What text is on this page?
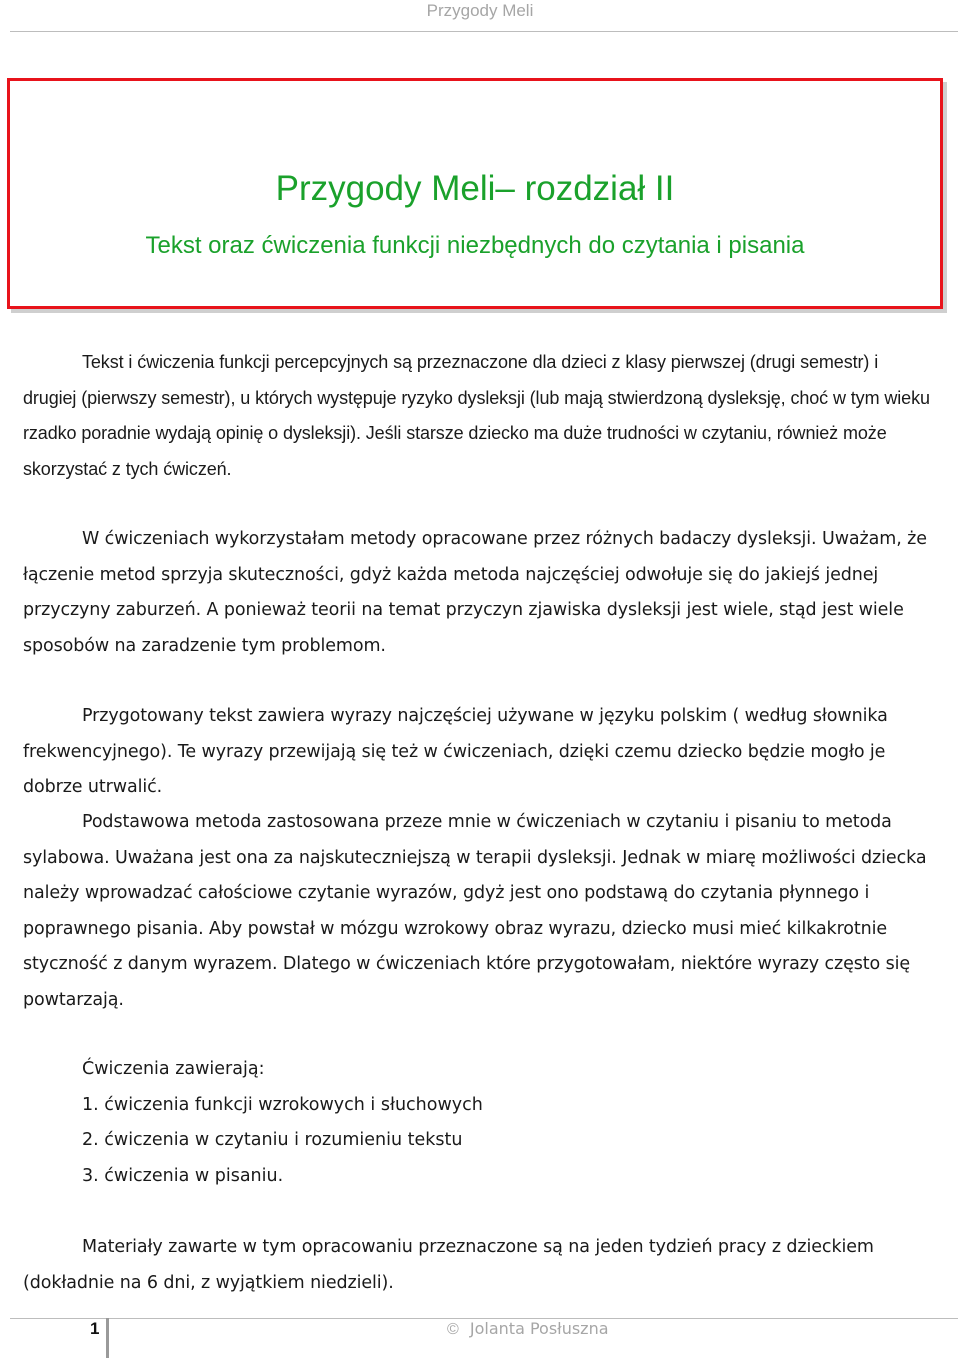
Przygody Meli
Przygody Meli– rozdział II
Tekst oraz ćwiczenia funkcji niezbędnych do czytania i pisania

Tekst i ćwiczenia funkcji percepcyjnych są przeznaczone dla dzieci z klasy pierwszej (drugi semestr) i drugiej (pierwszy semestr), u których występuje ryzyko dysleksji (lub mają stwierdzoną dysleksję, choć w tym wieku rzadko poradnie wydają opinię o dysleksji). Jeśli starsze dziecko ma duże trudności w czytaniu, również może skorzystać z tych ćwiczeń.

W ćwiczeniach wykorzystałam metody opracowane przez różnych badaczy dysleksji. Uważam, że łączenie metod sprzyja skuteczności, gdyż każda metoda najczęściej odwołuje się do jakiejś jednej przyczyny zaburzeń. A ponieważ teorii na temat przyczyn zjawiska dysleksji jest wiele, stąd jest wiele sposobów na zaradzenie tym problemom.

Przygotowany tekst zawiera wyrazy najczęściej używane w języku polskim ( według słownika frekwencyjnego). Te wyrazy przewijają się też w ćwiczeniach, dzięki czemu dziecko będzie mogło je dobrze utrwalić.

Podstawowa metoda zastosowana przeze mnie w ćwiczeniach w czytaniu i pisaniu to metoda sylabowa. Uważana jest ona za najskuteczniejszą w terapii dysleksji. Jednak w miarę możliwości dziecka należy wprowadzać całościowe czytanie wyrazów, gdyż jest ono podstawą do czytania płynnego i poprawnego pisania. Aby powstał w mózgu wzrokowy obraz wyrazu, dziecko musi mieć kilkakrotnie styczność z danym wyrazem. Dlatego w ćwiczeniach które przygotowałam, niektóre wyrazy często się powtarzają.

Ćwiczenia zawierają:
1. ćwiczenia funkcji wzrokowych i słuchowych
2. ćwiczenia w czytaniu i rozumieniu tekstu
3. ćwiczenia w pisaniu.

Materiały zawarte w tym opracowaniu przeznaczone są na jeden tydzień pracy z dzieckiem (dokładnie na 6 dni, z wyjątkiem niedzieli).

1	© Jolanta Posłuszna
